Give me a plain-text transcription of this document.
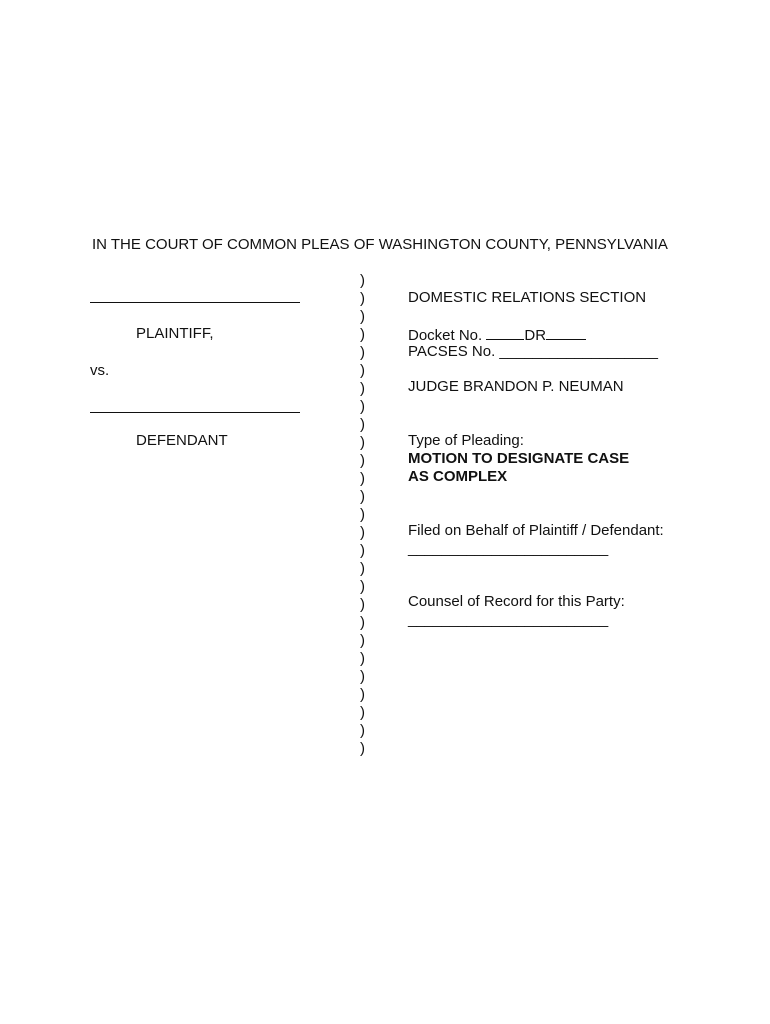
IN THE COURT OF COMMON PLEAS OF WASHINGTON COUNTY, PENNSYLVANIA
PLAINTIFF,
vs.
DEFENDANT
)
)
)
)
)
)
)
)
)
)
)
)
)
)
)
)
)
)
)
)
)
)
)
)
)
)
)
DOMESTIC RELATIONS SECTION
Docket No.	DR
PACSES No. ___________________
JUDGE BRANDON P. NEUMAN
Type of Pleading:
MOTION TO DESIGNATE CASE
AS COMPLEX
Filed on Behalf of Plaintiff / Defendant:
________________________
Counsel of Record for this Party:
________________________
